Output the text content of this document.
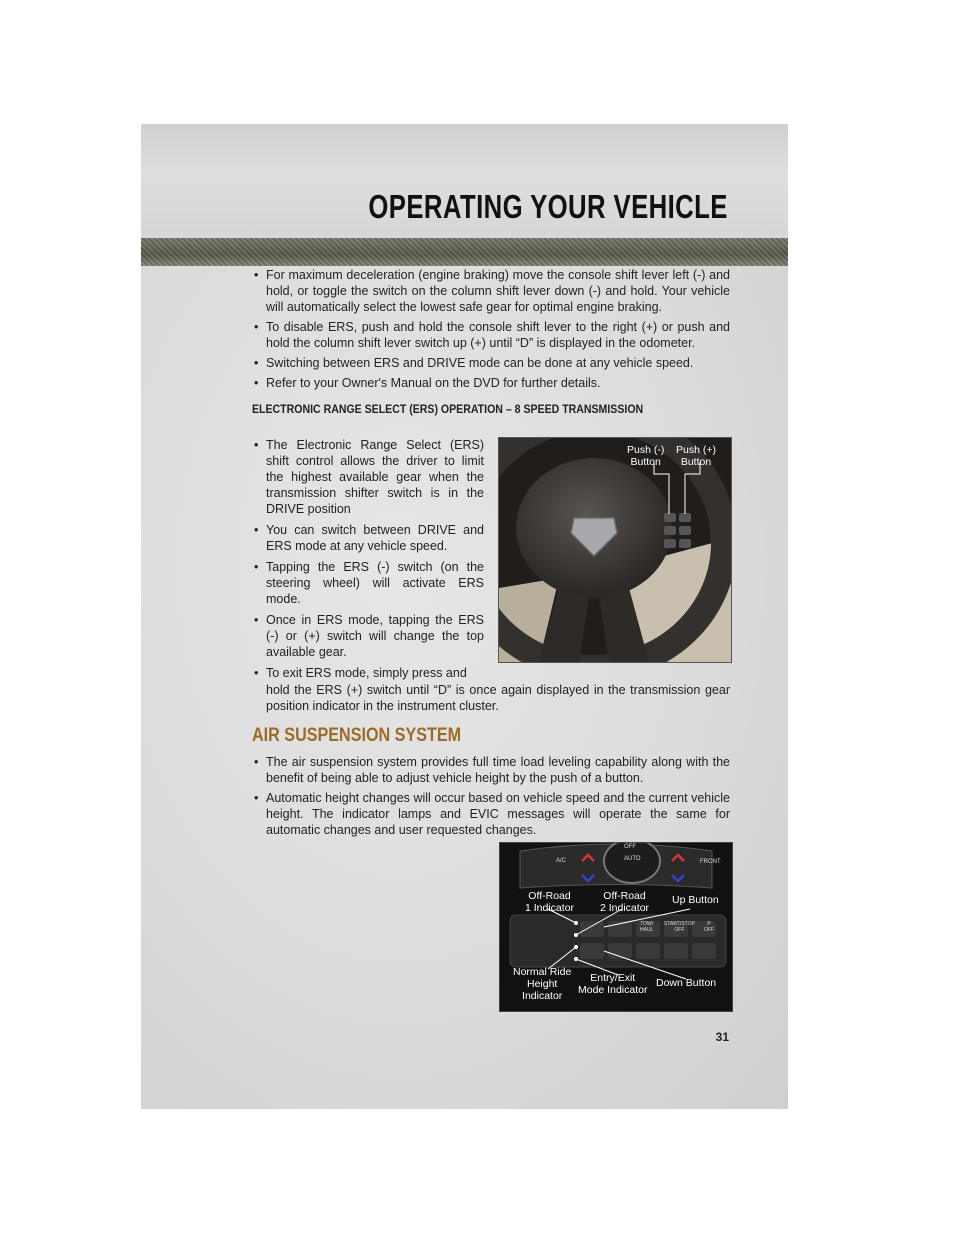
OPERATING YOUR VEHICLE
• For maximum deceleration (engine braking) move the console shift lever left (-) and hold, or toggle the switch on the column shift lever down (-) and hold. Your vehicle will automatically select the lowest safe gear for optimal engine braking.
• To disable ERS, push and hold the console shift lever to the right (+) or push and hold the column shift lever switch up (+) until “D” is displayed in the odometer.
• Switching between ERS and DRIVE mode can be done at any vehicle speed.
• Refer to your Owner's Manual on the DVD for further details.
ELECTRONIC RANGE SELECT (ERS) OPERATION – 8 SPEED TRANSMISSION
• The Electronic Range Select (ERS) shift control allows the driver to limit the highest available gear when the transmission shifter switch is in the DRIVE position
• You can switch between DRIVE and ERS mode at any vehicle speed.
• Tapping the ERS (-) switch (on the steering wheel) will activate ERS mode.
• Once in ERS mode, tapping the ERS (-) or (+) switch will change the top available gear.
• To exit ERS mode, simply press and
hold the ERS (+) switch until “D” is once again displayed in the transmission gear position indicator in the instrument cluster.
Push (-)
Button
Push (+)
Button
AIR SUSPENSION SYSTEM
• The air suspension system provides full time load leveling capability along with the benefit of being able to adjust vehicle height by the push of a button.
• Automatic height changes will occur based on vehicle speed and the current vehicle height. The indicator lamps and EVIC messages will operate the same for automatic changes and user requested changes.
OFF
AUTO
A/C	FRONT
TOW/
HAUL
START/STOP
OFF
P
OFF
Off-Road
1 Indicator
Off-Road
2 Indicator
Up Button
Normal Ride
Height
Indicator
Entry/Exit
Mode Indicator
Down Button
31
